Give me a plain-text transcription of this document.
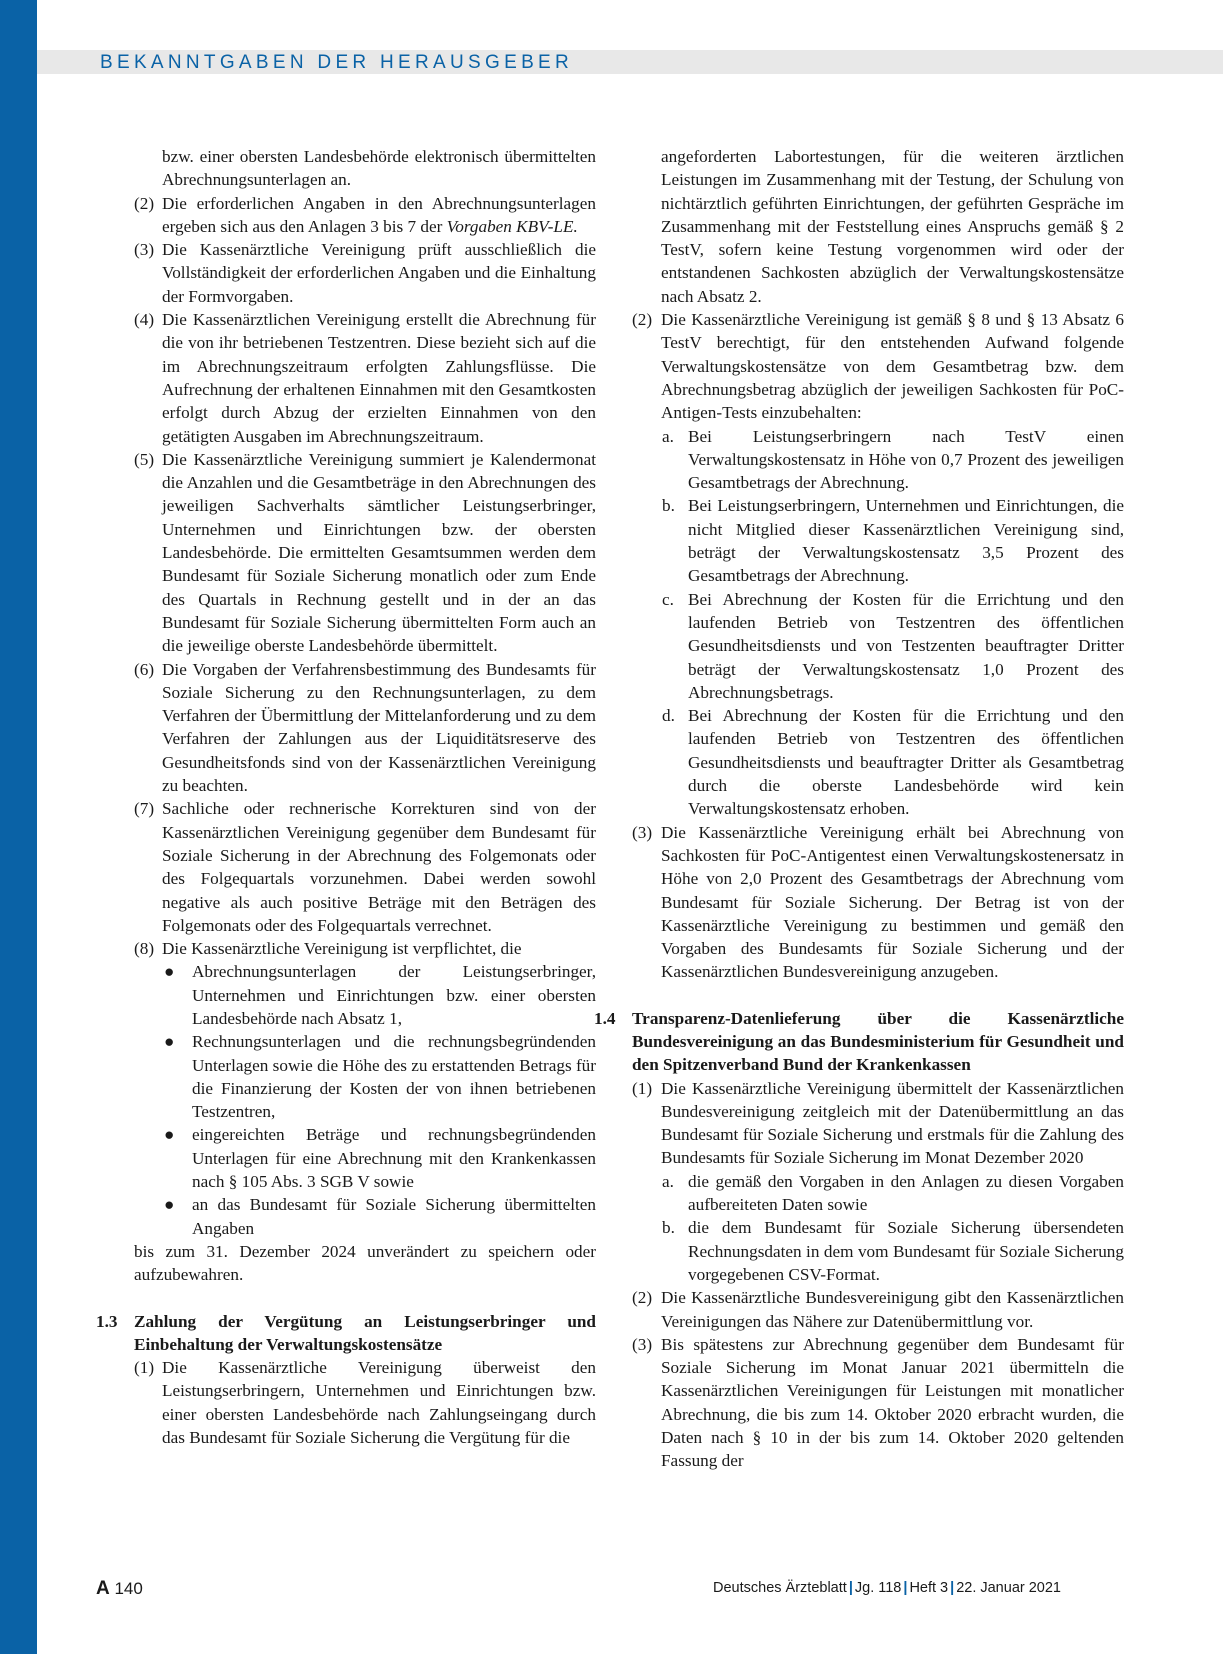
BEKANNTGABEN DER HERAUSGEBER
bzw. einer obersten Landesbehörde elektronisch übermittelten Abrechnungsunterlagen an.
(2) Die erforderlichen Angaben in den Abrechnungsunterlagen ergeben sich aus den Anlagen 3 bis 7 der Vorgaben KBV-LE.
(3) Die Kassenärztliche Vereinigung prüft ausschließlich die Vollständigkeit der erforderlichen Angaben und die Einhaltung der Formvorgaben.
(4) Die Kassenärztlichen Vereinigung erstellt die Abrechnung für die von ihr betriebenen Testzentren. Diese bezieht sich auf die im Abrechnungszeitraum erfolgten Zahlungsflüsse. Die Aufrechnung der erhaltenen Einnahmen mit den Gesamtkosten erfolgt durch Abzug der erzielten Einnahmen von den getätigten Ausgaben im Abrechnungszeitraum.
(5) Die Kassenärztliche Vereinigung summiert je Kalendermonat die Anzahlen und die Gesamtbeträge in den Abrechnungen des jeweiligen Sachverhalts sämtlicher Leistungserbringer, Unternehmen und Einrichtungen bzw. der obersten Landesbehörde. Die ermittelten Gesamtsummen werden dem Bundesamt für Soziale Sicherung monatlich oder zum Ende des Quartals in Rechnung gestellt und in der an das Bundesamt für Soziale Sicherung übermittelten Form auch an die jeweilige oberste Landesbehörde übermittelt.
(6) Die Vorgaben der Verfahrensbestimmung des Bundesamts für Soziale Sicherung zu den Rechnungsunterlagen, zu dem Verfahren der Übermittlung der Mittelanforderung und zu dem Verfahren der Zahlungen aus der Liquiditätsreserve des Gesundheitsfonds sind von der Kassenärztlichen Vereinigung zu beachten.
(7) Sachliche oder rechnerische Korrekturen sind von der Kassenärztlichen Vereinigung gegenüber dem Bundesamt für Soziale Sicherung in der Abrechnung des Folgemonats oder des Folgequartals vorzunehmen. Dabei werden sowohl negative als auch positive Beträge mit den Beträgen des Folgemonats oder des Folgequartals verrechnet.
(8) Die Kassenärztliche Vereinigung ist verpflichtet, die
● Abrechnungsunterlagen der Leistungserbringer, Unternehmen und Einrichtungen bzw. einer obersten Landesbehörde nach Absatz 1,
● Rechnungsunterlagen und die rechnungsbegründenden Unterlagen sowie die Höhe des zu erstattenden Betrags für die Finanzierung der Kosten der von ihnen betriebenen Testzentren,
● eingereichten Beträge und rechnungsbegründenden Unterlagen für eine Abrechnung mit den Krankenkassen nach § 105 Abs. 3 SGB V sowie
● an das Bundesamt für Soziale Sicherung übermittelten Angaben
bis zum 31. Dezember 2024 unverändert zu speichern oder aufzubewahren.
1.3 Zahlung der Vergütung an Leistungserbringer und Einbehaltung der Verwaltungskostensätze
(1) Die Kassenärztliche Vereinigung überweist den Leistungserbringern, Unternehmen und Einrichtungen bzw. einer obersten Landesbehörde nach Zahlungseingang durch das Bundesamt für Soziale Sicherung die Vergütung für die
angeforderten Labortestungen, für die weiteren ärztlichen Leistungen im Zusammenhang mit der Testung, der Schulung von nichtärztlich geführten Einrichtungen, der geführten Gespräche im Zusammenhang mit der Feststellung eines Anspruchs gemäß § 2 TestV, sofern keine Testung vorgenommen wird oder der entstandenen Sachkosten abzüglich der Verwaltungskostensätze nach Absatz 2.
(2) Die Kassenärztliche Vereinigung ist gemäß § 8 und § 13 Absatz 6 TestV berechtigt, für den entstehenden Aufwand folgende Verwaltungskostensätze von dem Gesamtbetrag bzw. dem Abrechnungsbetrag abzüglich der jeweiligen Sachkosten für PoC-Antigen-Tests einzubehalten:
a. Bei Leistungserbringern nach TestV einen Verwaltungskostensatz in Höhe von 0,7 Prozent des jeweiligen Gesamtbetrags der Abrechnung.
b. Bei Leistungserbringern, Unternehmen und Einrichtungen, die nicht Mitglied dieser Kassenärztlichen Vereinigung sind, beträgt der Verwaltungskostensatz 3,5 Prozent des Gesamtbetrags der Abrechnung.
c. Bei Abrechnung der Kosten für die Errichtung und den laufenden Betrieb von Testzentren des öffentlichen Gesundheitsdiensts und von Testzenten beauftragter Dritter beträgt der Verwaltungskostensatz 1,0 Prozent des Abrechnungsbetrags.
d. Bei Abrechnung der Kosten für die Errichtung und den laufenden Betrieb von Testzentren des öffentlichen Gesundheitsdiensts und beauftragter Dritter als Gesamtbetrag durch die oberste Landesbehörde wird kein Verwaltungskostensatz erhoben.
(3) Die Kassenärztliche Vereinigung erhält bei Abrechnung von Sachkosten für PoC-Antigentest einen Verwaltungskostenersatz in Höhe von 2,0 Prozent des Gesamtbetrags der Abrechnung vom Bundesamt für Soziale Sicherung. Der Betrag ist von der Kassenärztliche Vereinigung zu bestimmen und gemäß den Vorgaben des Bundesamts für Soziale Sicherung und der Kassenärztlichen Bundesvereinigung anzugeben.
1.4 Transparenz-Datenlieferung über die Kassenärztliche Bundesvereinigung an das Bundesministerium für Gesundheit und den Spitzenverband Bund der Krankenkassen
(1) Die Kassenärztliche Vereinigung übermittelt der Kassenärztlichen Bundesvereinigung zeitgleich mit der Datenübermittlung an das Bundesamt für Soziale Sicherung und erstmals für die Zahlung des Bundesamts für Soziale Sicherung im Monat Dezember 2020
a. die gemäß den Vorgaben in den Anlagen zu diesen Vorgaben aufbereiteten Daten sowie
b. die dem Bundesamt für Soziale Sicherung übersendeten Rechnungsdaten in dem vom Bundesamt für Soziale Sicherung vorgegebenen CSV-Format.
(2) Die Kassenärztliche Bundesvereinigung gibt den Kassenärztlichen Vereinigungen das Nähere zur Datenübermittlung vor.
(3) Bis spätestens zur Abrechnung gegenüber dem Bundesamt für Soziale Sicherung im Monat Januar 2021 übermitteln die Kassenärztlichen Vereinigungen für Leistungen mit monatlicher Abrechnung, die bis zum 14. Oktober 2020 erbracht wurden, die Daten nach § 10 in der bis zum 14. Oktober 2020 geltenden Fassung der
A 140	Deutsches Ärzteblatt | Jg. 118 | Heft 3 | 22. Januar 2021
